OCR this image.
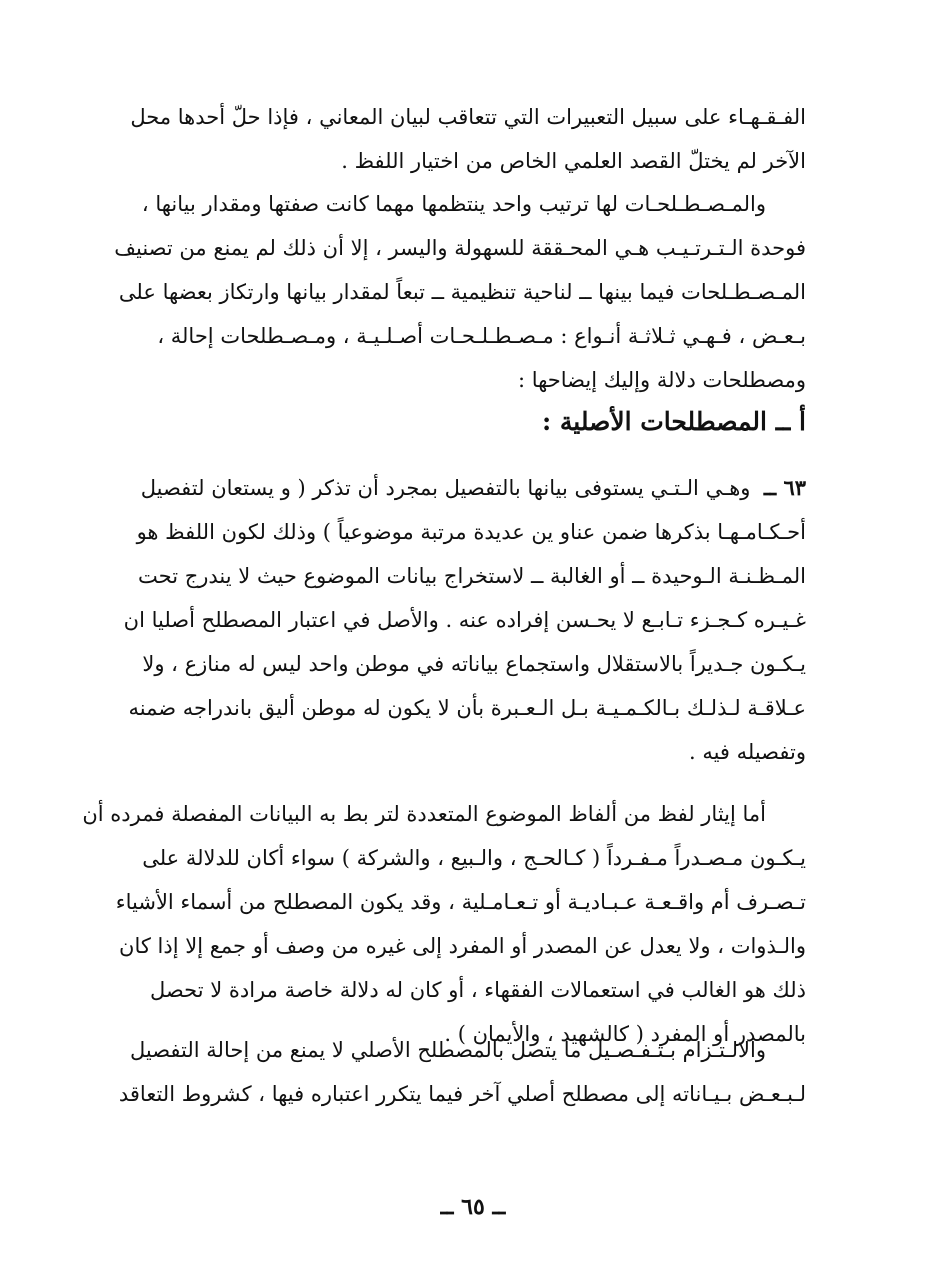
الفـقـهـاء على سبيل التعبيرات التي تتعاقب لبيان المعاني ، فإذا حلّ أحدها محل
الآخر لم يختلّ القصد العلمي الخاص من اختيار اللفظ .
والمـصـطـلحـات لها ترتيب واحد ينتظمها مهما كانت صفتها ومقدار بيانها ،
فوحدة الـتـرتـيـب هـي المحـققة للسهولة واليسر ، إلا أن ذلك لم يمنع من تصنيف
المـصـطـلحات فيما بينها ــ لناحية تنظيمية ــ تبعاً لمقدار بيانها وارتكاز بعضها على
بـعـض ، فـهـي ثـلاثـة أنـواع : مـصـطـلـحـات أصـلـيـة ، ومـصـطلحات إحالة ،
ومصطلحات دلالة وإليك إيضاحها :
أ ــ المصطلحات الأصلية :
٦٣ ــ  وهـي الـتـي يستوفى بيانها بالتفصيل بمجرد أن تذكر ( و يستعان لتفصيل
أحـكـامـهـا بذكرها ضمن عناو ين عديدة مرتبة موضوعياً ) وذلك لكون اللفظ هو
المـظـنـة الـوحيدة ــ أو الغالبة ــ لاستخراج بيانات الموضوع حيث لا يندرج تحت
غـيـره كـجـزء تـابـع لا يحـسن إفراده عنه . والأصل في اعتبار المصطلح أصليا ان
يـكـون جـديراً بالاستقلال واستجماع بياناته في موطن واحد ليس له منازع ، ولا
عـلاقـة لـذلـك بـالكـمـيـة بـل الـعـبرة بأن لا يكون له موطن أليق باندراجه ضمنه
وتفصيله فيه .
أما إيثار لفظ من ألفاظ الموضوع المتعددة لتر بط به البيانات المفصلة فمرده أن
يـكـون مـصـدراً مـفـرداً ( كـالحـج ، والـبيع ، والشركة ) سواء أكان للدلالة على
تـصـرف أم واقـعـة عـبـاديـة أو تـعـامـلية ، وقد يكون المصطلح من أسماء الأشياء
والـذوات ، ولا يعدل عن المصدر أو المفرد إلى غيره من وصف أو جمع إلا إذا كان
ذلك هو الغالب في استعمالات الفقهاء ، أو كان له دلالة خاصة مرادة لا تحصل
بالمصدر أو المفرد ( كالشهيد ، والأيمان ) .
والالـتـزام بـتـفـصـيل ما يتصل بالمصطلح الأصلي لا يمنع من إحالة التفصيل
لـبـعـض بـيـاناته إلى مصطلح أصلي آخر فيما يتكرر اعتباره فيها ، كشروط التعاقد
ــ ٦٥ ــ
